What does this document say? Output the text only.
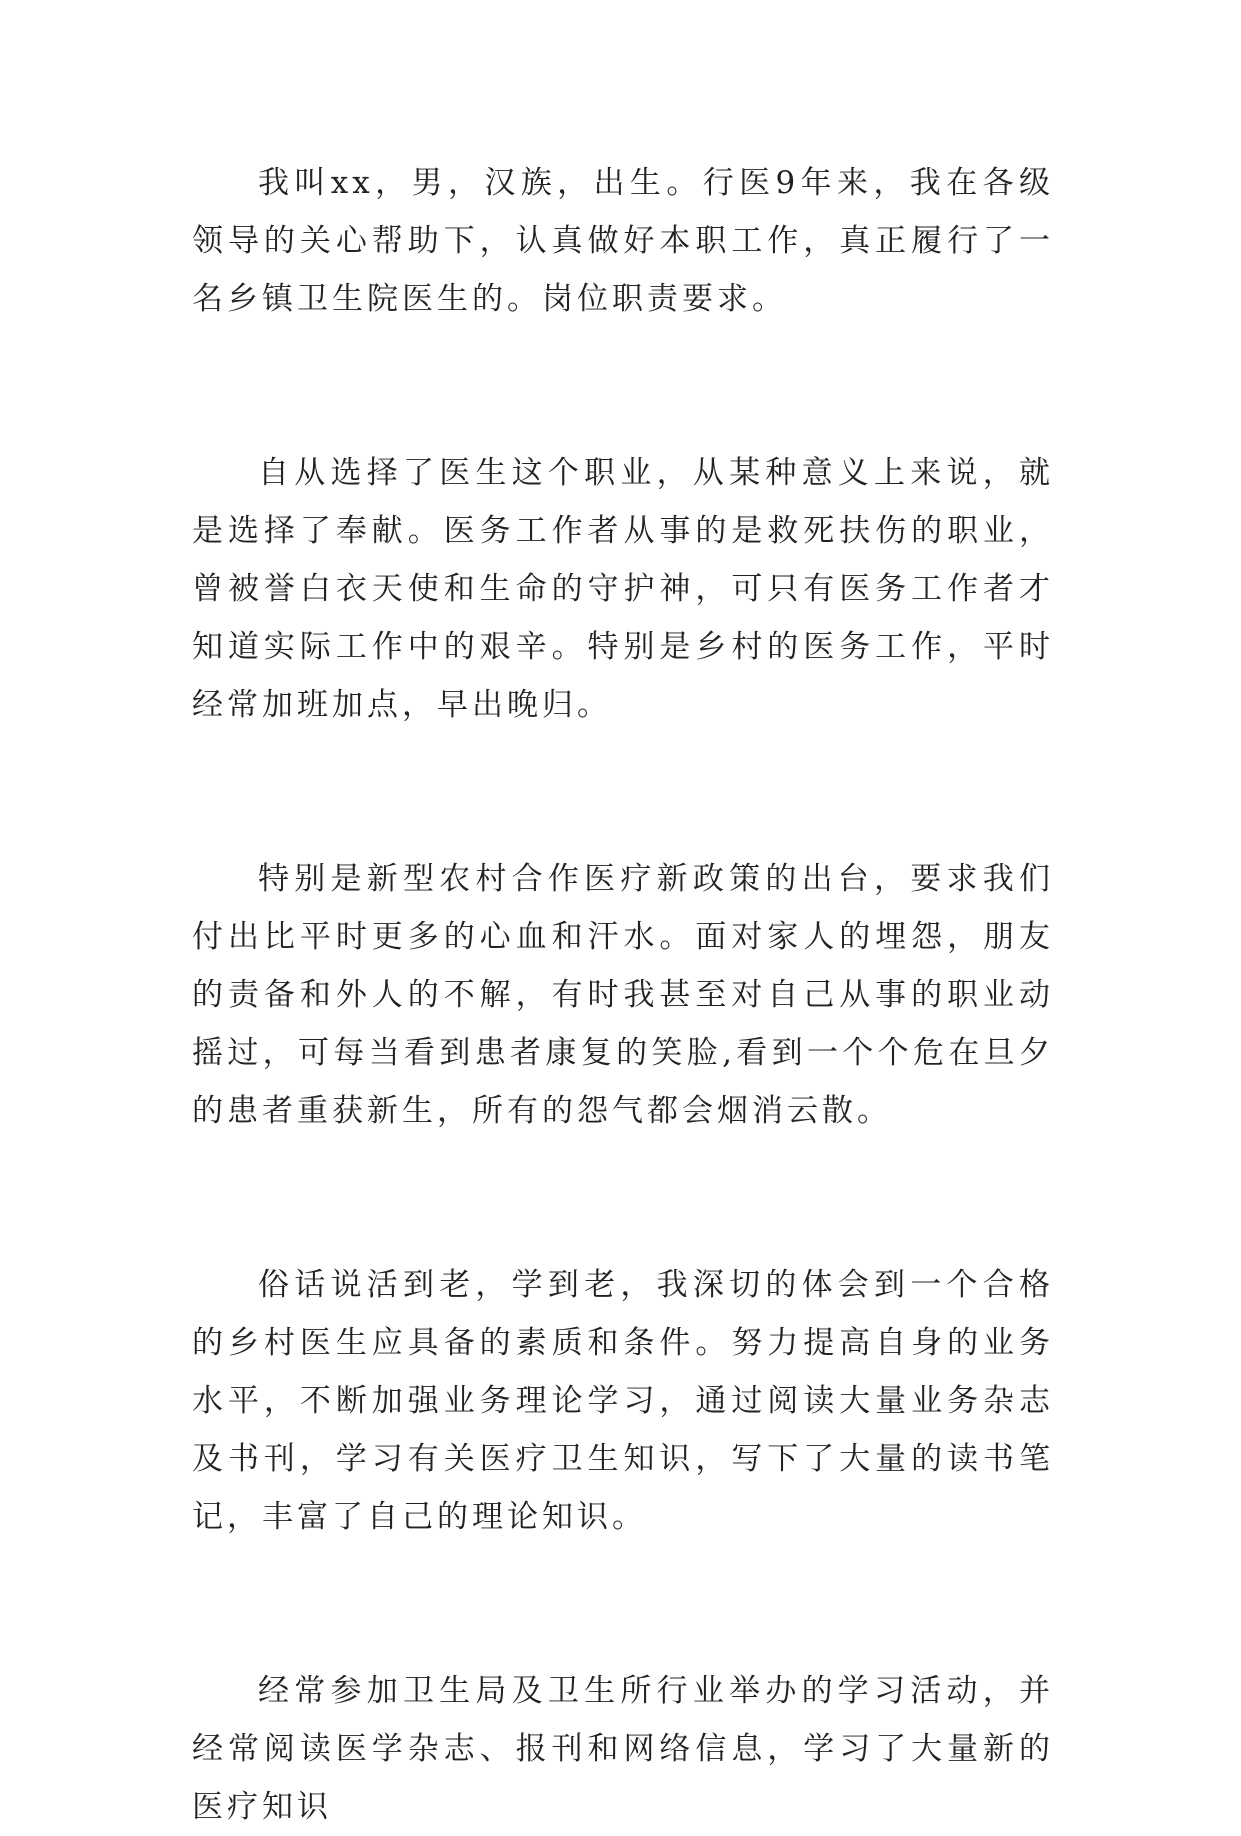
我叫xx，男，汉族，出生。行医9年来，我在各级领导的关心帮助下，认真做好本职工作，真正履行了一名乡镇卫生院医生的。岗位职责要求。

自从选择了医生这个职业，从某种意义上来说，就是选择了奉献。医务工作者从事的是救死扶伤的职业，曾被誉白衣天使和生命的守护神，可只有医务工作者才知道实际工作中的艰辛。特别是乡村的医务工作，平时经常加班加点，早出晚归。

特别是新型农村合作医疗新政策的出台，要求我们付出比平时更多的心血和汗水。面对家人的埋怨，朋友的责备和外人的不解，有时我甚至对自己从事的职业动摇过，可每当看到患者康复的笑脸,看到一个个危在旦夕的患者重获新生，所有的怨气都会烟消云散。

俗话说活到老，学到老，我深切的体会到一个合格的乡村医生应具备的素质和条件。努力提高自身的业务水平，不断加强业务理论学习，通过阅读大量业务杂志及书刊，学习有关医疗卫生知识，写下了大量的读书笔记，丰富了自己的理论知识。

经常参加卫生局及卫生所行业举办的学习活动，并经常阅读医学杂志、报刊和网络信息，学习了大量新的医疗知识
